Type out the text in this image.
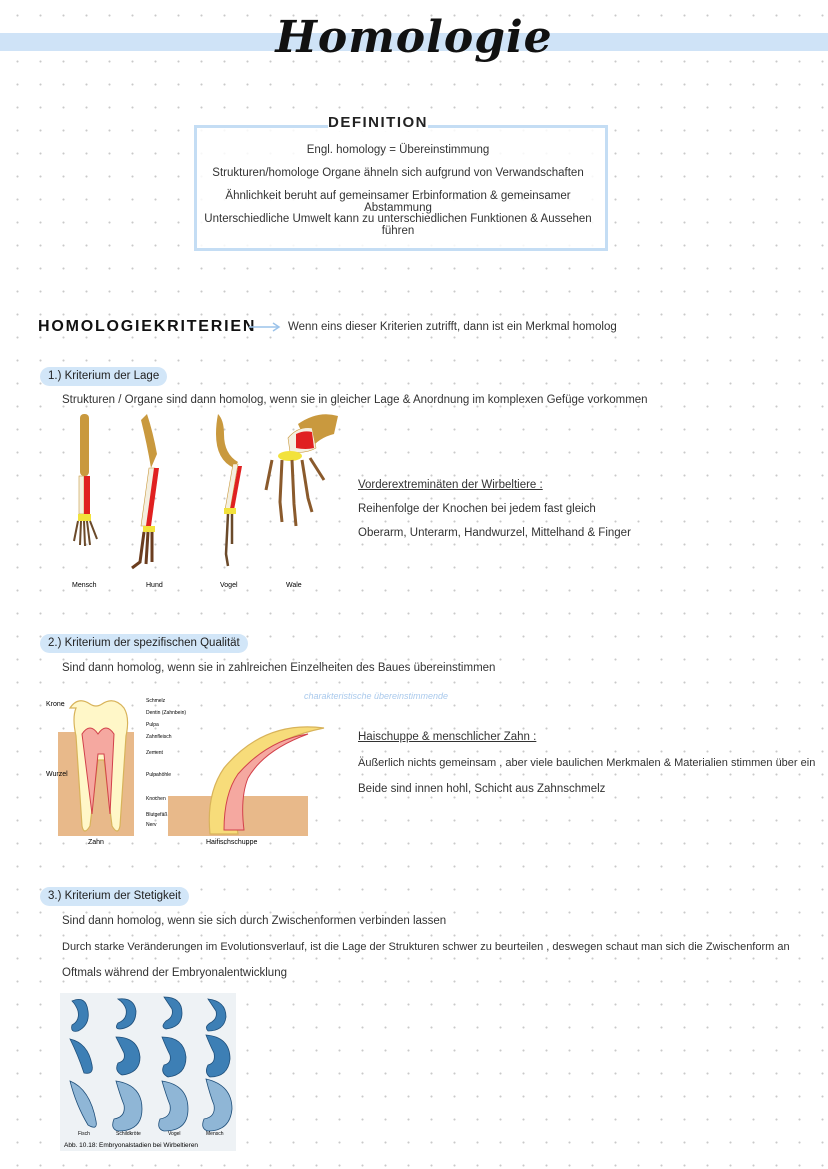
Homologie
DEFINITION
Engl. homology = Übereinstimmung
Strukturen/homologe Organe ähneln sich aufgrund von Verwandschaften
Ähnlichkeit beruht auf gemeinsamer Erbinformation & gemeinsamer Abstammung
Unterschiedliche Umwelt kann zu unterschiedlichen Funktionen & Aussehen führen
HOMOLOGIEKRITERIEN	Wenn eins dieser Kriterien zutrifft, dann ist ein Merkmal homolog
1.) Kriterium der Lage
Strukturen / Organe sind dann homolog, wenn sie in gleicher Lage & Anordnung im komplexen Gefüge vorkommen
Mensch	Hund	Vogel	Wale
Vorderextreminäten der Wirbeltiere :
Reihenfolge der Knochen bei jedem fast gleich
Oberarm, Unterarm, Handwurzel, Mittelhand & Finger
2.) Kriterium der spezifischen Qualität
Sind dann homolog, wenn sie in zahlreichen Einzelheiten des Baues übereinstimmen
charakteristische übereinstimmende
Krone
Wurzel
Schmelz
Dentin (Zahnbein)
Pulpa
Zahnfleisch
Zement
Pulpahöhle
Knochen
Blutgefäß
Nerv
Zahn	Haifischschuppe
Haischuppe & menschlicher Zahn :
Äußerlich nichts gemeinsam , aber viele baulichen Merkmalen & Materialien stimmen über ein
Beide sind innen hohl, Schicht aus Zahnschmelz
3.) Kriterium der Stetigkeit
Sind dann homolog, wenn sie sich durch Zwischenformen verbinden lassen
Durch starke Veränderungen im Evolutionsverlauf, ist die Lage der Strukturen schwer zu beurteilen , deswegen schaut man sich die Zwischenform an
Oftmals während der Embryonalentwicklung
Fisch	Schildkröte	Vogel	Mensch
Abb. 10.18: Embryonalstadien bei Wirbeltieren
